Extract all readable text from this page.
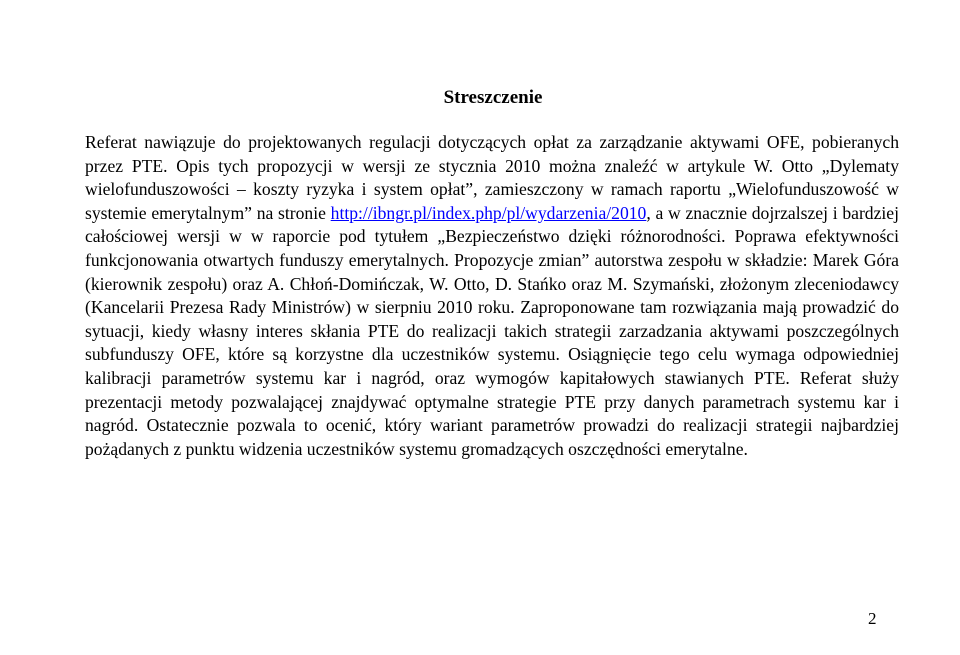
Streszczenie

Referat nawiązuje do projektowanych regulacji dotyczących opłat za zarządzanie aktywami OFE, pobieranych przez PTE. Opis tych propozycji w wersji ze stycznia 2010 można znaleźć w artykule W. Otto „Dylematy wielofunduszowości – koszty ryzyka i system opłat”, zamieszczony w ramach raportu „Wielofunduszowość w systemie emerytalnym” na stronie http://ibngr.pl/index.php/pl/wydarzenia/2010, a w znacznie dojrzalszej i bardziej całościowej wersji w w raporcie pod tytułem „Bezpieczeństwo dzięki różnorodności. Poprawa efektywności funkcjonowania otwartych funduszy emerytalnych. Propozycje zmian” autorstwa zespołu w składzie: Marek Góra (kierownik zespołu) oraz A. Chłoń-Domińczak, W. Otto, D. Stańko oraz M. Szymański, złożonym zleceniodawcy (Kancelarii Prezesa Rady Ministrów) w sierpniu 2010 roku. Zaproponowane tam rozwiązania mają prowadzić do sytuacji, kiedy własny interes skłania PTE do realizacji takich strategii zarzadzania aktywami poszczególnych subfunduszy OFE, które są korzystne dla uczestników systemu. Osiągnięcie tego celu wymaga odpowiedniej kalibracji parametrów systemu kar i nagród, oraz wymogów kapitałowych stawianych PTE. Referat służy prezentacji metody pozwalającej znajdywać optymalne strategie PTE przy danych parametrach systemu kar i nagród. Ostatecznie pozwala to ocenić, który wariant parametrów prowadzi do realizacji strategii najbardziej pożądanych z punktu widzenia uczestników systemu gromadzących oszczędności emerytalne.

2
